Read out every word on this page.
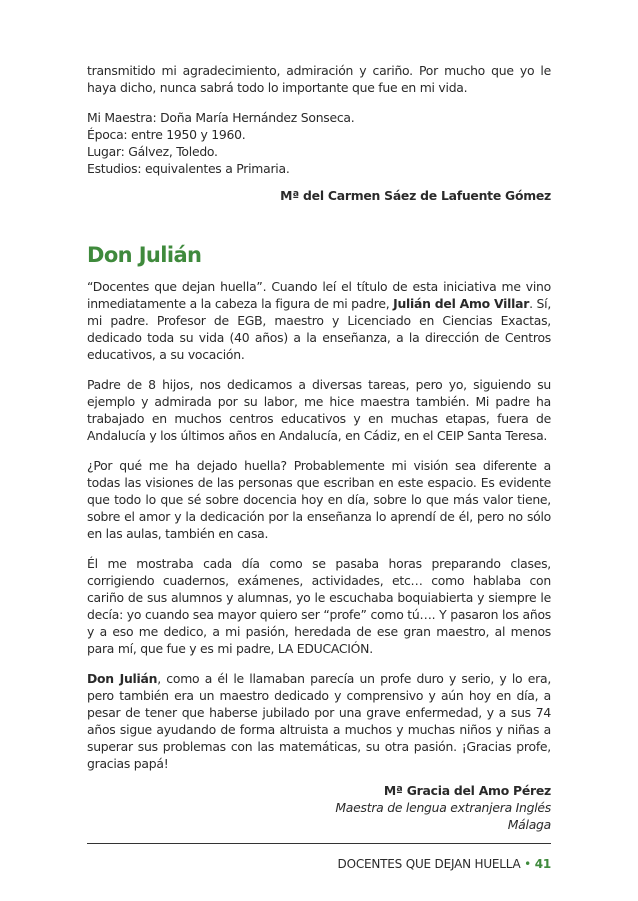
transmitido mi agradecimiento, admiración y cariño. Por mucho que yo le haya dicho, nunca sabrá todo lo importante que fue en mi vida.

Mi Maestra: Doña María Hernández Sonseca.

Época: entre 1950 y 1960.

Lugar: Gálvez, Toledo.

Estudios: equivalentes a Primaria.

Mª del Carmen Sáez de Lafuente Gómez
Don Julián

“Docentes que dejan huella”. Cuando leí el título de esta iniciativa me vino inmediatamente a la cabeza la figura de mi padre, Julián del Amo Villar. Sí, mi padre. Profesor de EGB, maestro y Licenciado en Ciencias Exactas, dedicado toda su vida (40 años) a la enseñanza, a la dirección de Centros educativos, a su vocación.

Padre de 8 hijos, nos dedicamos a diversas tareas, pero yo, siguiendo su ejemplo y admirada por su labor, me hice maestra también. Mi padre ha trabajado en muchos centros educativos y en muchas etapas, fuera de Andalucía y los últimos años en Andalucía, en Cádiz, en el CEIP Santa Teresa.

¿Por qué me ha dejado huella? Probablemente mi visión sea diferente a todas las visiones de las personas que escriban en este espacio. Es evidente que todo lo que sé sobre docencia hoy en día, sobre lo que más valor tiene, sobre el amor y la dedicación por la enseñanza lo aprendí de él, pero no sólo en las aulas, también en casa.

Él me mostraba cada día como se pasaba horas preparando clases, corrigiendo cuadernos, exámenes, actividades, etc… como hablaba con cariño de sus alumnos y alumnas, yo le escuchaba boquiabierta y siempre le decía: yo cuando sea mayor quiero ser “profe” como tú…. Y pasaron los años y a eso me dedico, a mi pasión, heredada de ese gran maestro, al menos para mí, que fue y es mi padre, LA EDUCACIÓN.

Don Julián, como a él le llamaban parecía un profe duro y serio, y lo era, pero también era un maestro dedicado y comprensivo y aún hoy en día, a pesar de tener que haberse jubilado por una grave enfermedad, y a sus 74 años sigue ayudando de forma altruista a muchos y muchas niños y niñas a superar sus problemas con las matemáticas, su otra pasión. ¡Gracias profe, gracias papá!

Mª Gracia del Amo Pérez
Maestra de lengua extranjera Inglés
Málaga
DOCENTES QUE DEJAN HUELLA • 41
